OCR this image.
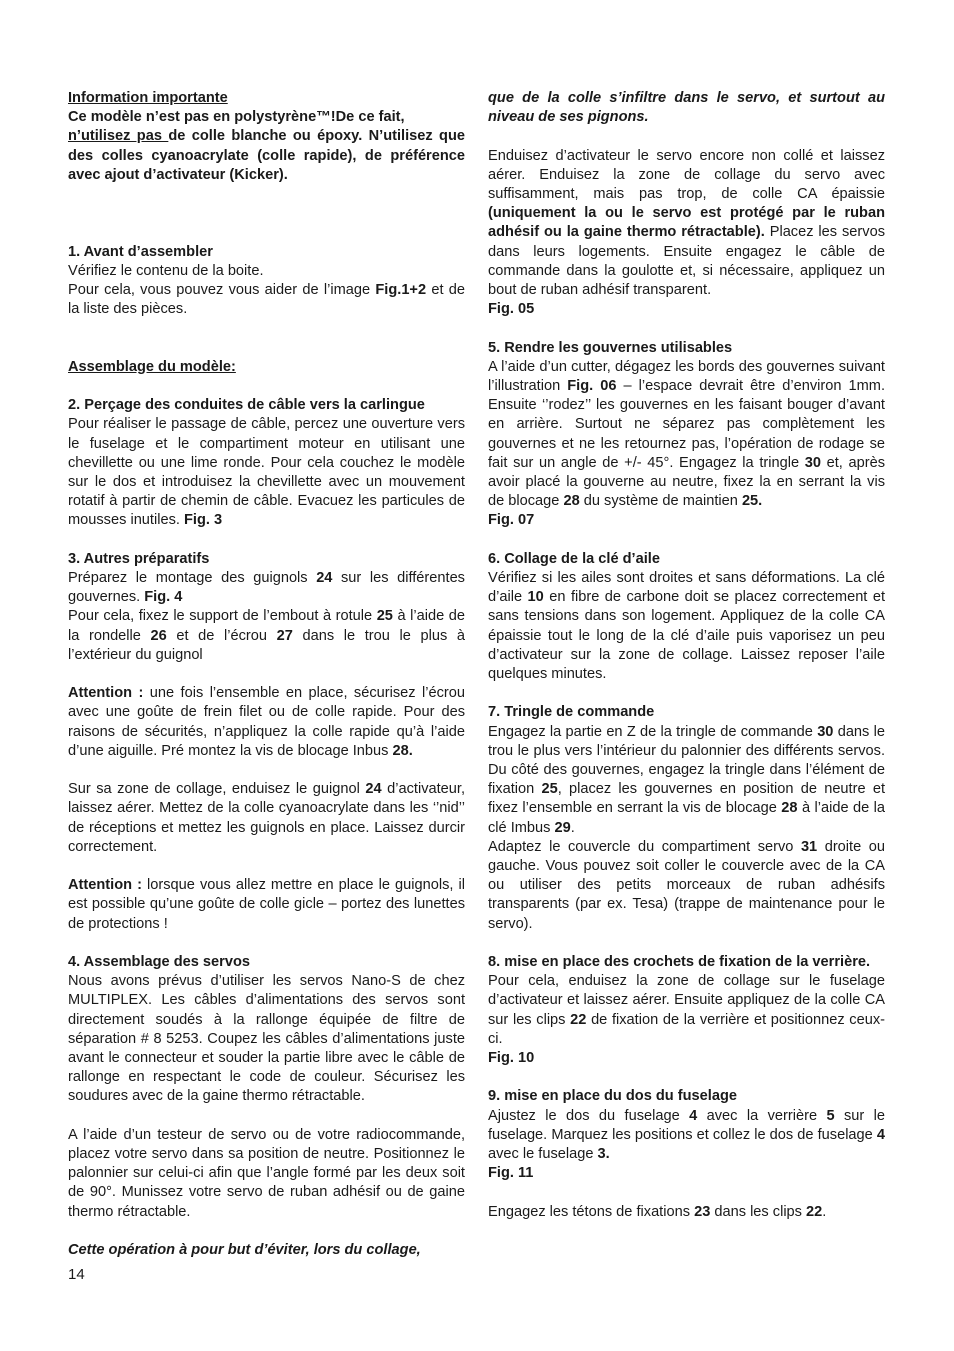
Information importante

Ce modèle n’est pas en polystyrène™!De ce fait,

n’utilisez pas de colle blanche ou époxy. N’utilisez que des colles cyanoacrylate (colle rapide), de préférence avec ajout d’activateur (Kicker).

1. Avant d’assembler

Vérifiez le contenu de la boite.

Pour cela, vous pouvez vous aider de l’image Fig.1+2 et de la liste des pièces.

Assemblage du modèle:

2. Perçage des conduites de câble vers la carlingue

Pour réaliser le passage de câble, percez une ouverture vers le fuselage et le compartiment moteur en utilisant une chevillette ou une lime ronde. Pour cela couchez le modèle sur le dos et introduisez la chevillette avec un mouvement rotatif à partir de chemin de câble. Evacuez les particules de mousses inutiles. Fig. 3

3. Autres préparatifs

Préparez le montage des guignols 24 sur les différentes gouvernes. Fig. 4

Pour cela, fixez le support de l’embout à rotule 25 à l’aide de la rondelle 26 et de l’écrou 27 dans le trou le plus à l’extérieur du guignol

Attention : une fois l’ensemble en place, sécurisez l’écrou avec une goûte de frein filet ou de colle rapide. Pour des raisons de sécurités, n’appliquez la colle rapide qu’à l’aide d’une aiguille. Pré montez la vis de blocage Inbus 28.

Sur sa zone de collage, enduisez le guignol 24 d’activateur, laissez aérer. Mettez de la colle cyanoacrylate dans les ‘’nid’’ de réceptions et mettez les guignols en place. Laissez durcir correctement.

Attention : lorsque vous allez mettre en place le guignols, il est possible qu’une goûte de colle gicle – portez des lunettes de protections !

4. Assemblage des servos

Nous avons prévus d’utiliser les servos Nano-S de chez MULTIPLEX. Les câbles d’alimentations des servos sont directement soudés à la rallonge équipée de filtre de séparation # 8 5253. Coupez les câbles d’alimentations juste avant le connecteur et souder la partie libre avec le câble de rallonge en respectant le code de couleur. Sécurisez les soudures avec de la gaine thermo rétractable.

A l’aide d’un testeur de servo ou de votre radiocommande, placez votre servo dans sa position de neutre. Positionnez le palonnier sur celui-ci afin que l’angle formé par les deux soit de 90°. Munissez votre servo de ruban adhésif ou de gaine thermo rétractable.

Cette opération à pour but d’éviter, lors du collage,

que de la colle s’infiltre dans le servo, et surtout au niveau de ses pignons.

Enduisez d’activateur le servo encore non collé et laissez aérer. Enduisez la zone de collage du servo avec suffisamment, mais pas trop, de colle CA épaissie (uniquement la ou le servo est protégé par le ruban adhésif ou la gaine thermo rétractable). Placez les servos dans leurs logements. Ensuite engagez le câble de commande dans la goulotte et, si nécessaire, appliquez un bout de ruban adhésif transparent.

Fig. 05

5. Rendre les gouvernes utilisables

A l’aide d’un cutter, dégagez les bords des gouvernes suivant l’illustration Fig. 06 – l’espace devrait être d’environ 1mm. Ensuite ‘’rodez’’ les gouvernes en les faisant bouger d’avant en arrière. Surtout ne séparez pas complètement les gouvernes et ne les retournez pas, l’opération de rodage se fait sur un angle de +/- 45°. Engagez la tringle 30 et, après avoir placé la gouverne au neutre, fixez la en serrant la vis de blocage 28 du système de maintien 25.

Fig. 07

6. Collage de la clé d’aile

Vérifiez si les ailes sont droites et sans déformations. La clé d’aile 10 en fibre de carbone doit se placez correctement et sans tensions dans son logement. Appliquez de la colle CA épaissie tout le long de la clé d’aile puis vaporisez un peu d’activateur sur la zone de collage. Laissez reposer l’aile quelques minutes.

7. Tringle de commande

Engagez la partie en Z de la tringle de commande 30 dans le trou le plus vers l’intérieur du palonnier des différents servos. Du côté des gouvernes, engagez la tringle dans l’élément de fixation 25, placez les gouvernes en position de neutre et fixez l’ensemble en serrant la vis de blocage 28 à l’aide de la clé Imbus 29.

Adaptez le couvercle du compartiment servo 31 droite ou gauche. Vous pouvez soit coller le couvercle avec de la CA ou utiliser des petits morceaux de ruban adhésifs transparents (par ex. Tesa) (trappe de maintenance pour le servo).

8. mise en place des crochets de fixation de la verrière.

Pour cela, enduisez la zone de collage sur le fuselage d’activateur et laissez aérer. Ensuite appliquez de la colle CA sur les clips 22 de fixation de la verrière et positionnez ceux-ci.

Fig. 10

9. mise en place du dos du fuselage

Ajustez le dos du fuselage 4 avec la verrière 5 sur le fuselage. Marquez les positions et collez le dos de fuselage 4 avec le fuselage 3.

Fig. 11

Engagez les tétons de fixations 23 dans les clips 22.

14
